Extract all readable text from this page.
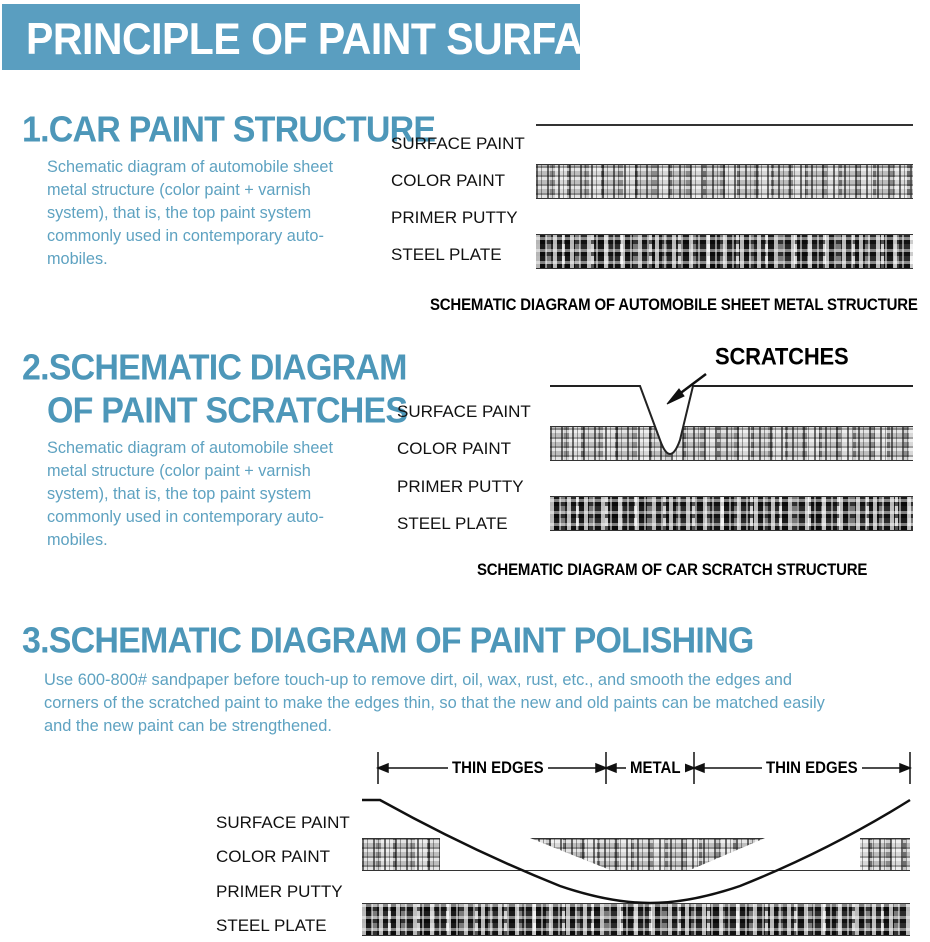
PRINCIPLE OF PAINT SURFACE
1.CAR PAINT STRUCTURE
Schematic diagram of automobile sheet
metal structure (color paint + varnish
system), that is, the top paint system
commonly used in contemporary auto-
mobiles.
SURFACE PAINT
COLOR PAINT
PRIMER PUTTY
STEEL PLATE
SCHEMATIC DIAGRAM OF AUTOMOBILE SHEET METAL STRUCTURE
2.SCHEMATIC DIAGRAM
OF PAINT SCRATCHES
Schematic diagram of automobile sheet
metal structure (color paint + varnish
system), that is, the top paint system
commonly used in contemporary auto-
mobiles.
SURFACE PAINT
COLOR PAINT
PRIMER PUTTY
STEEL PLATE
SCRATCHES
SCHEMATIC DIAGRAM OF CAR SCRATCH STRUCTURE
3.SCHEMATIC DIAGRAM OF PAINT POLISHING
Use 600-800# sandpaper before touch-up to remove dirt, oil, wax, rust, etc., and smooth the edges and
corners of the scratched paint to make the edges thin, so that the new and old paints can be matched easily
and the new paint can be strengthened.
SURFACE PAINT
COLOR PAINT
PRIMER PUTTY
STEEL PLATE
THIN EDGES	METAL	THIN EDGES
